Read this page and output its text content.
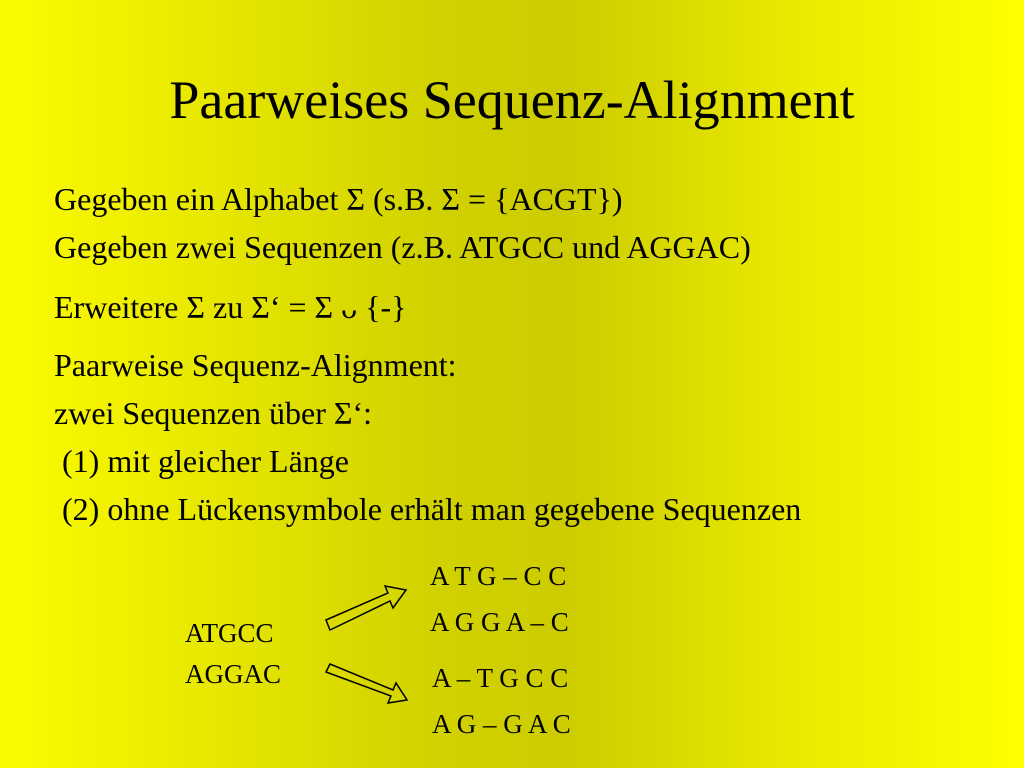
Paarweises Sequenz-Alignment
Gegeben ein Alphabet Σ (s.B. Σ = {ACGT})
Gegeben zwei Sequenzen (z.B. ATGCC und AGGAC)
Erweitere Σ zu Σ‘ = Σ ᴗ {-}
Paarweise Sequenz-Alignment:
zwei Sequenzen über Σ‘:
(1) mit gleicher Länge
(2) ohne Lückensymbole erhält man gegebene Sequenzen
ATGCC
AGGAC
A T G – C C
A G G A – C
A – T G C C
A G – G A C
